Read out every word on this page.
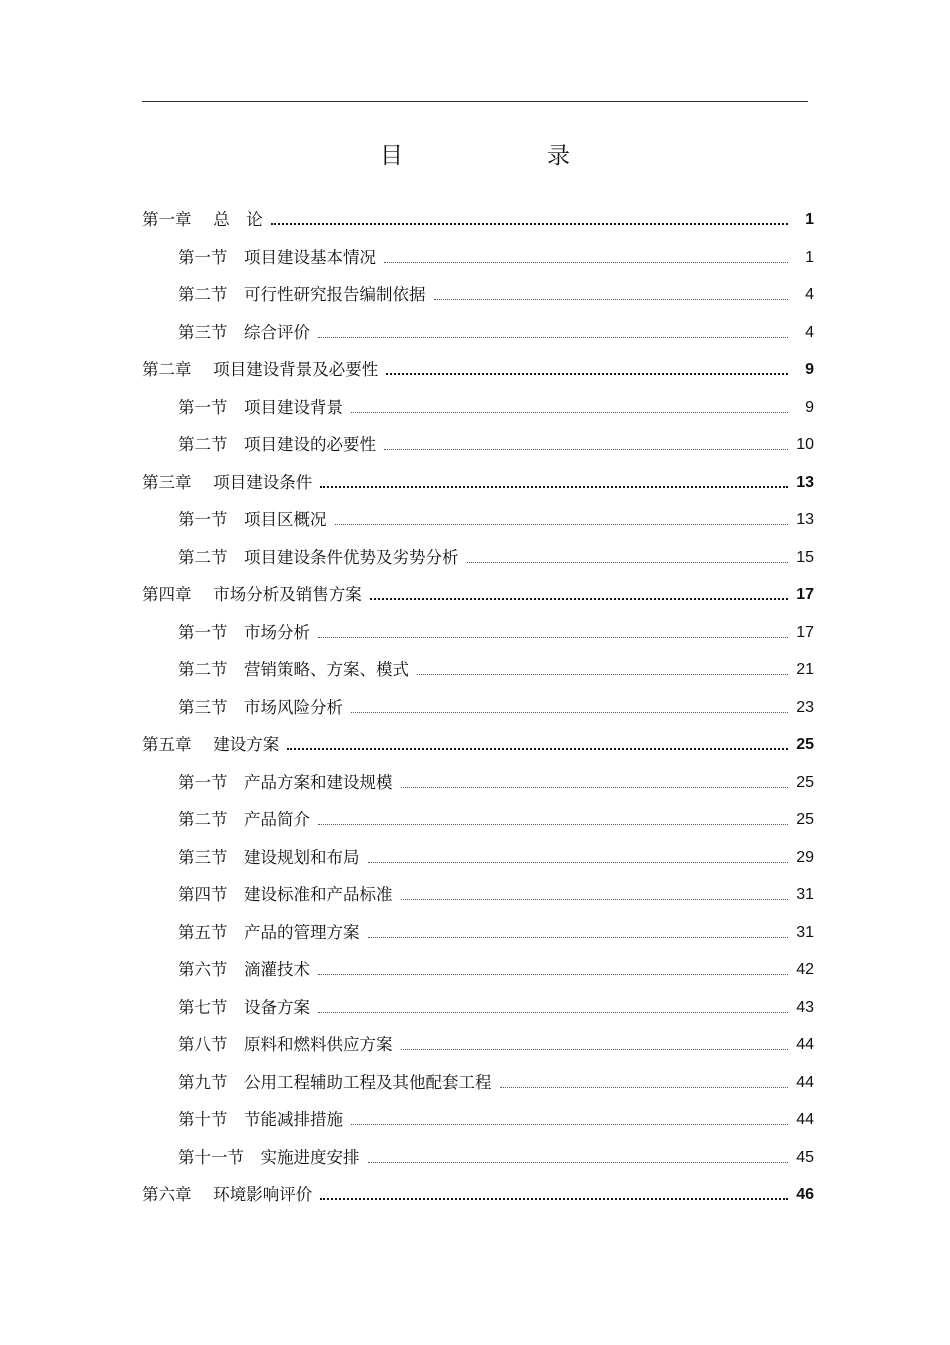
目	录
第一章　 总　论	1
第一节　项目建设基本情况	1
第二节　可行性研究报告编制依据	4
第三节　综合评价	4
第二章　 项目建设背景及必要性	9
第一节　项目建设背景	9
第二节　项目建设的必要性	10
第三章　 项目建设条件	13
第一节　项目区概况	13
第二节　项目建设条件优势及劣势分析	15
第四章　 市场分析及销售方案	17
第一节　市场分析	17
第二节　营销策略、方案、模式	21
第三节　市场风险分析	23
第五章　 建设方案	25
第一节　产品方案和建设规模	25
第二节　产品简介	25
第三节　建设规划和布局	29
第四节　建设标准和产品标准	31
第五节　产品的管理方案	31
第六节　滴灌技术	42
第七节　设备方案	43
第八节　原料和燃料供应方案	44
第九节　公用工程辅助工程及其他配套工程	44
第十节　节能减排措施	44
第十一节　实施进度安排	45
第六章　 环境影响评价	46
